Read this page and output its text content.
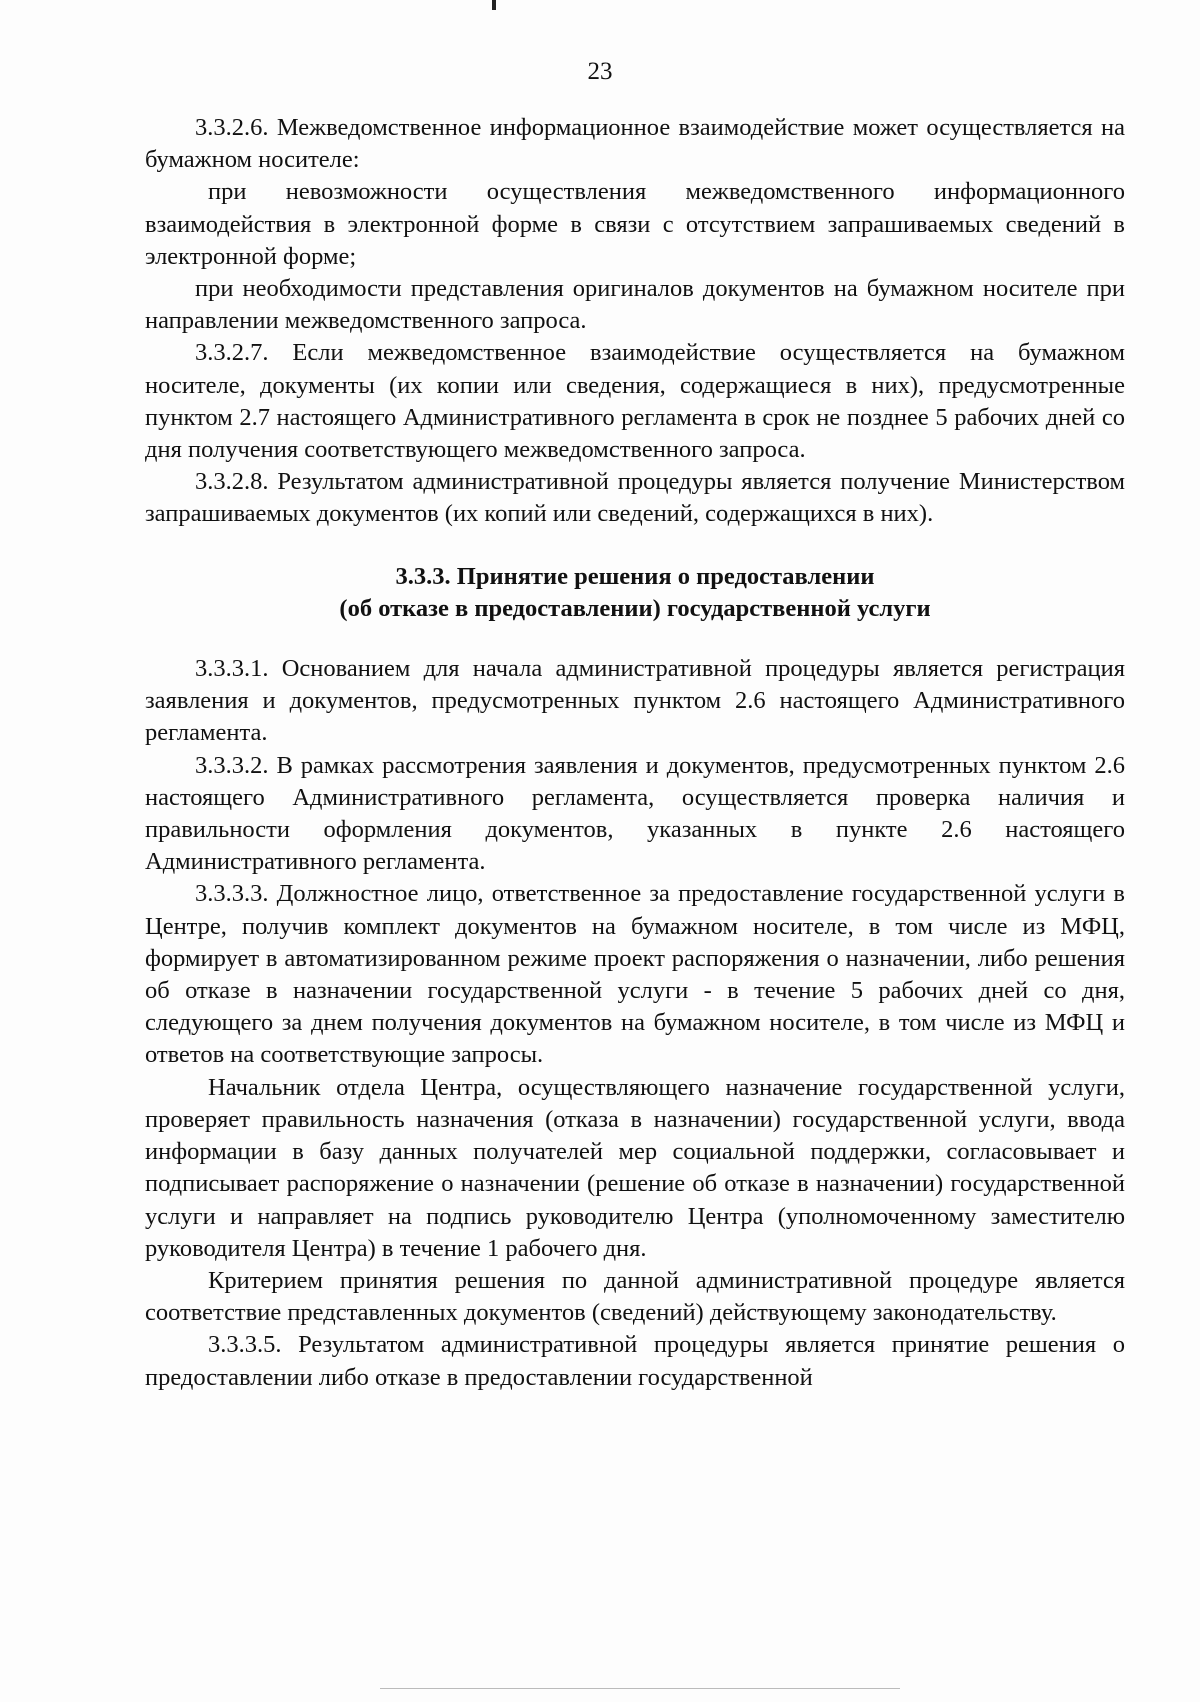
23

3.3.2.6. Межведомственное информационное взаимодействие может осуществляется на бумажном носителе:

при невозможности осуществления межведомственного информационного взаимодействия в электронной форме в связи с отсутствием запрашиваемых сведений в электронной форме;

при необходимости представления оригиналов документов на бумажном носителе при направлении межведомственного запроса.

3.3.2.7. Если межведомственное взаимодействие осуществляется на бумажном носителе, документы (их копии или сведения, содержащиеся в них), предусмотренные пунктом 2.7 настоящего Административного регламента в срок не позднее 5 рабочих дней со дня получения соответствующего межведомственного запроса.

3.3.2.8. Результатом административной процедуры является получение Министерством запрашиваемых документов (их копий или сведений, содержащихся в них).

3.3.3. Принятие решения о предоставлении
(об отказе в предоставлении) государственной услуги

3.3.3.1. Основанием для начала административной процедуры является регистрация заявления и документов, предусмотренных пунктом 2.6 настоящего Административного регламента.

3.3.3.2. В рамках рассмотрения заявления и документов, предусмотренных пунктом 2.6 настоящего Административного регламента, осуществляется проверка наличия и правильности оформления документов, указанных в пункте 2.6 настоящего Административного регламента.

3.3.3.3. Должностное лицо, ответственное за предоставление государственной услуги в Центре, получив комплект документов на бумажном носителе, в том числе из МФЦ, формирует в автоматизированном режиме проект распоряжения о назначении, либо решения об отказе в назначении государственной услуги - в течение 5 рабочих дней со дня, следующего за днем получения документов на бумажном носителе, в том числе из МФЦ и ответов на соответствующие запросы.

Начальник отдела Центра, осуществляющего назначение государственной услуги, проверяет правильность назначения (отказа в назначении) государственной услуги, ввода информации в базу данных получателей мер социальной поддержки, согласовывает и подписывает распоряжение о назначении (решение об отказе в назначении) государственной услуги и направляет на подпись руководителю Центра (уполномоченному заместителю руководителя Центра) в течение 1 рабочего дня.

Критерием принятия решения по данной административной процедуре является соответствие представленных документов (сведений) действующему законодательству.

3.3.3.5. Результатом административной процедуры является принятие решения о предоставлении либо отказе в предоставлении государственной
